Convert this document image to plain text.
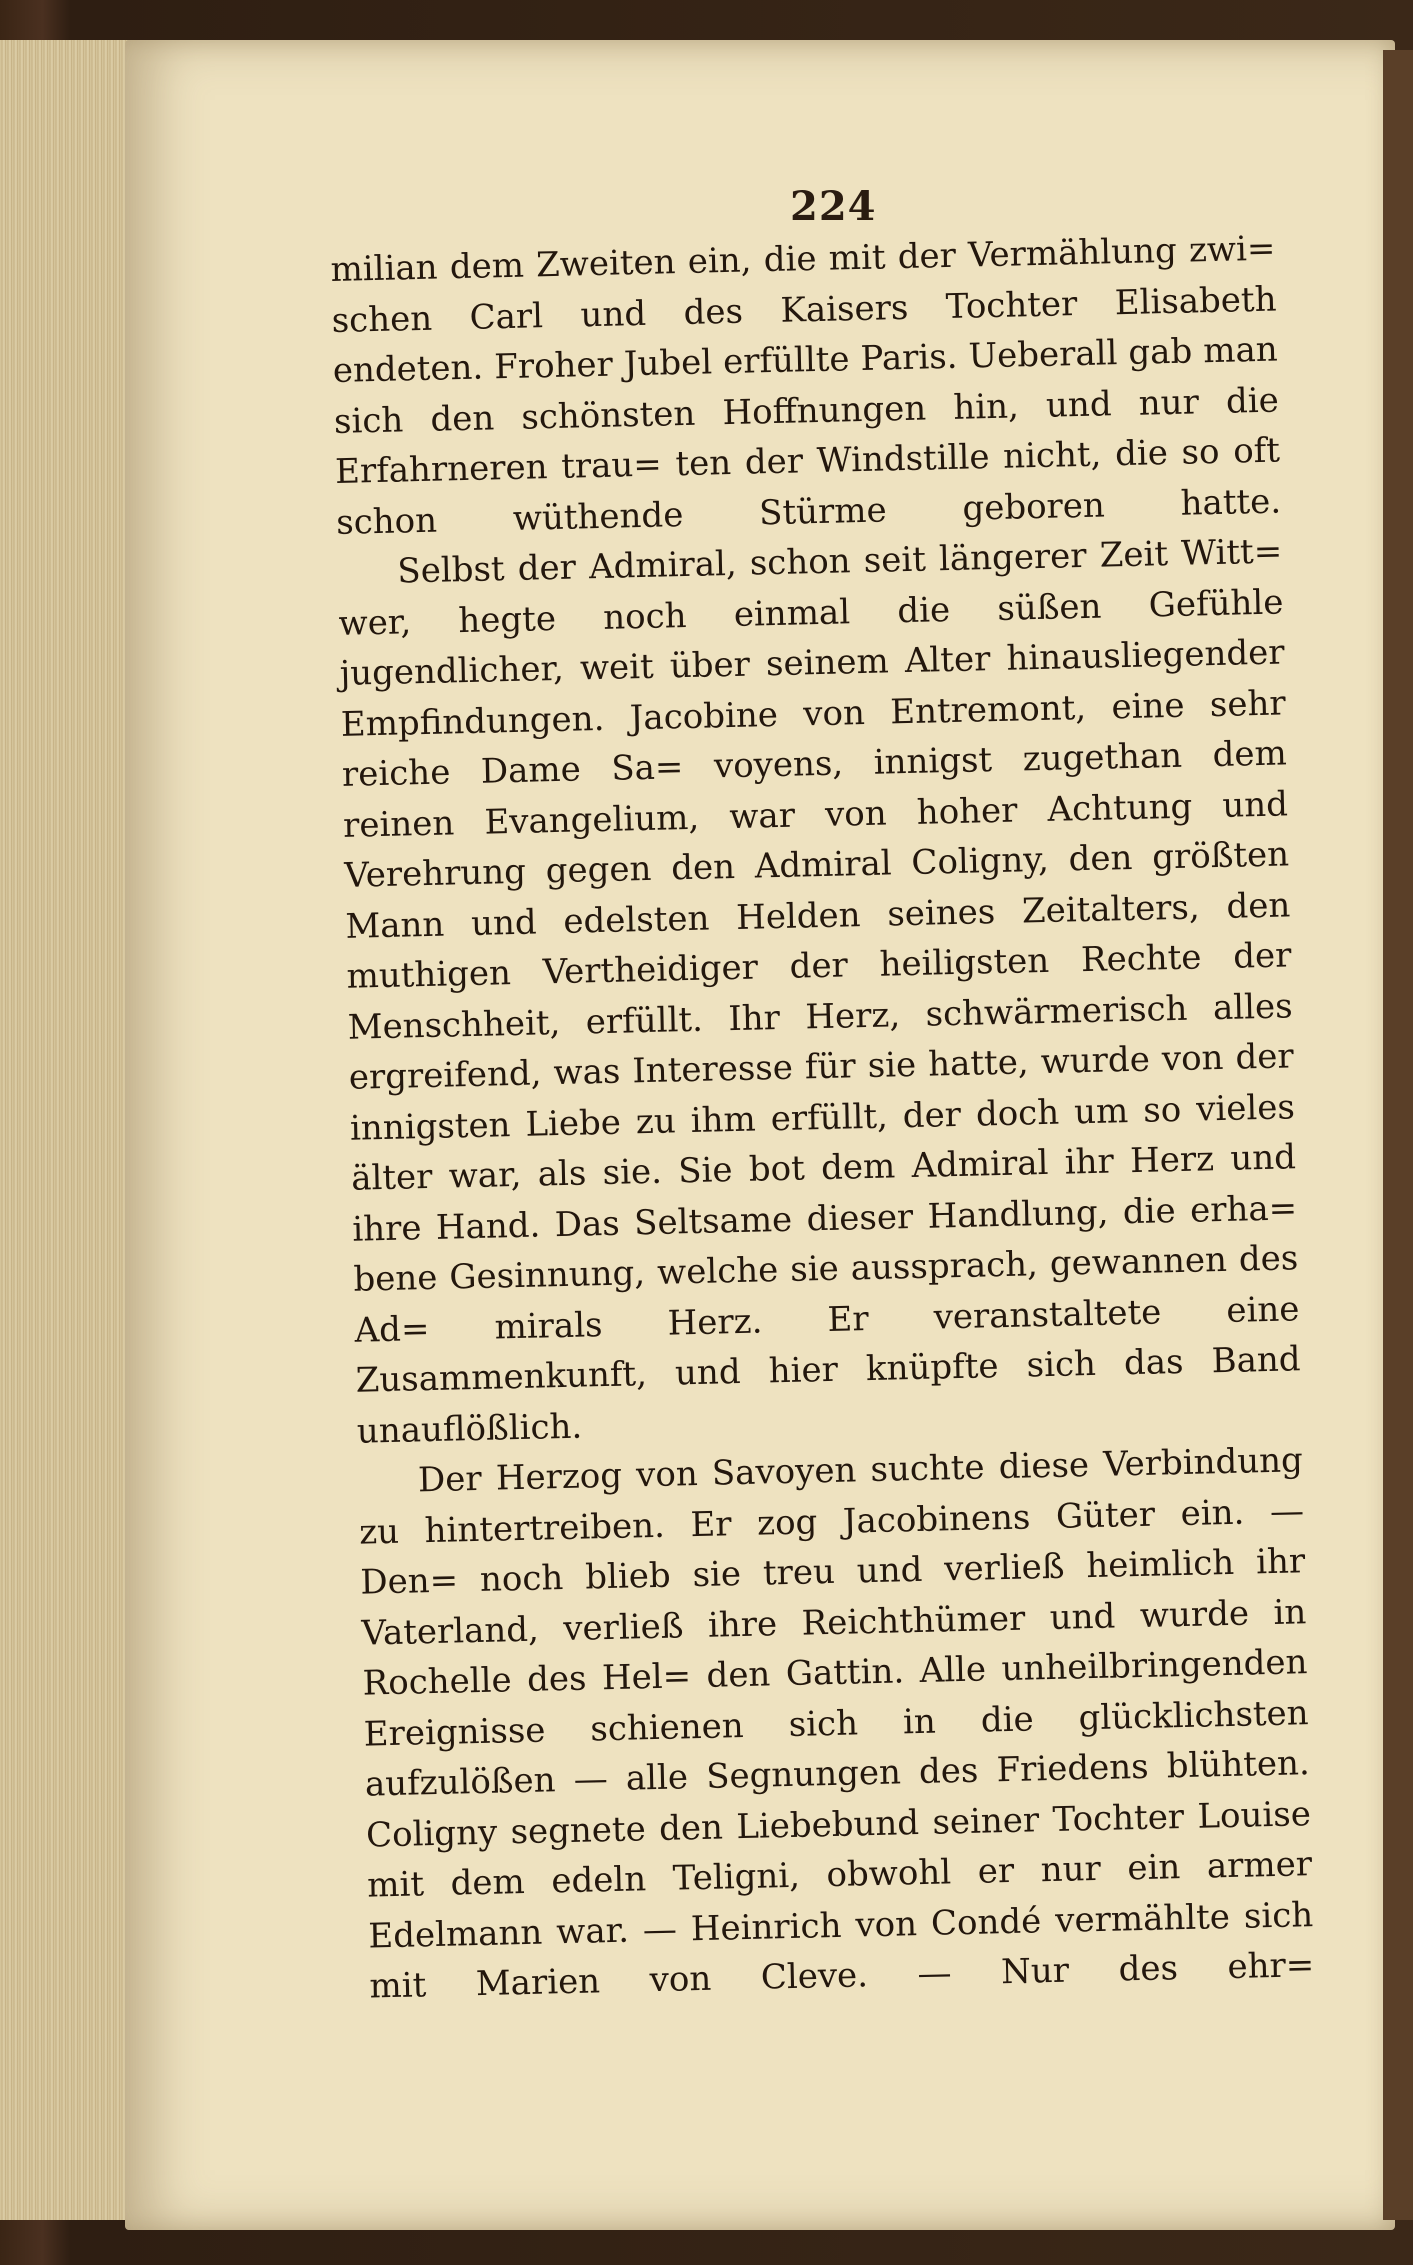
224

milian dem Zweiten ein, die mit der Vermählung zwi= schen Carl und des Kaisers Tochter Elisabeth endeten. Froher Jubel erfüllte Paris. Ueberall gab man sich den schönsten Hoffnungen hin, und nur die Erfahrneren trau= ten der Windstille nicht, die so oft schon wüthende Stürme geboren hatte.

Selbst der Admiral, schon seit längerer Zeit Witt= wer, hegte noch einmal die süßen Gefühle jugendlicher, weit über seinem Alter hinausliegender Empfindungen. Jacobine von Entremont, eine sehr reiche Dame Sa= voyens, innigst zugethan dem reinen Evangelium, war von hoher Achtung und Verehrung gegen den Admiral Coligny, den größten Mann und edelsten Helden seines Zeitalters, den muthigen Vertheidiger der heiligsten Rechte der Menschheit, erfüllt. Ihr Herz, schwärmerisch alles ergreifend, was Interesse für sie hatte, wurde von der innigsten Liebe zu ihm erfüllt, der doch um so vieles älter war, als sie. Sie bot dem Admiral ihr Herz und ihre Hand. Das Seltsame dieser Handlung, die erha= bene Gesinnung, welche sie aussprach, gewannen des Ad= mirals Herz. Er veranstaltete eine Zusammenkunft, und hier knüpfte sich das Band unauflößlich.

Der Herzog von Savoyen suchte diese Verbindung zu hintertreiben. Er zog Jacobinens Güter ein. — Den= noch blieb sie treu und verließ heimlich ihr Vaterland, verließ ihre Reichthümer und wurde in Rochelle des Hel= den Gattin. Alle unheilbringenden Ereignisse schienen sich in die glücklichsten aufzulößen — alle Segnungen des Friedens blühten. Coligny segnete den Liebebund seiner Tochter Louise mit dem edeln Teligni, obwohl er nur ein armer Edelmann war. — Heinrich von Condé vermählte sich mit Marien von Cleve. — Nur des ehr=
